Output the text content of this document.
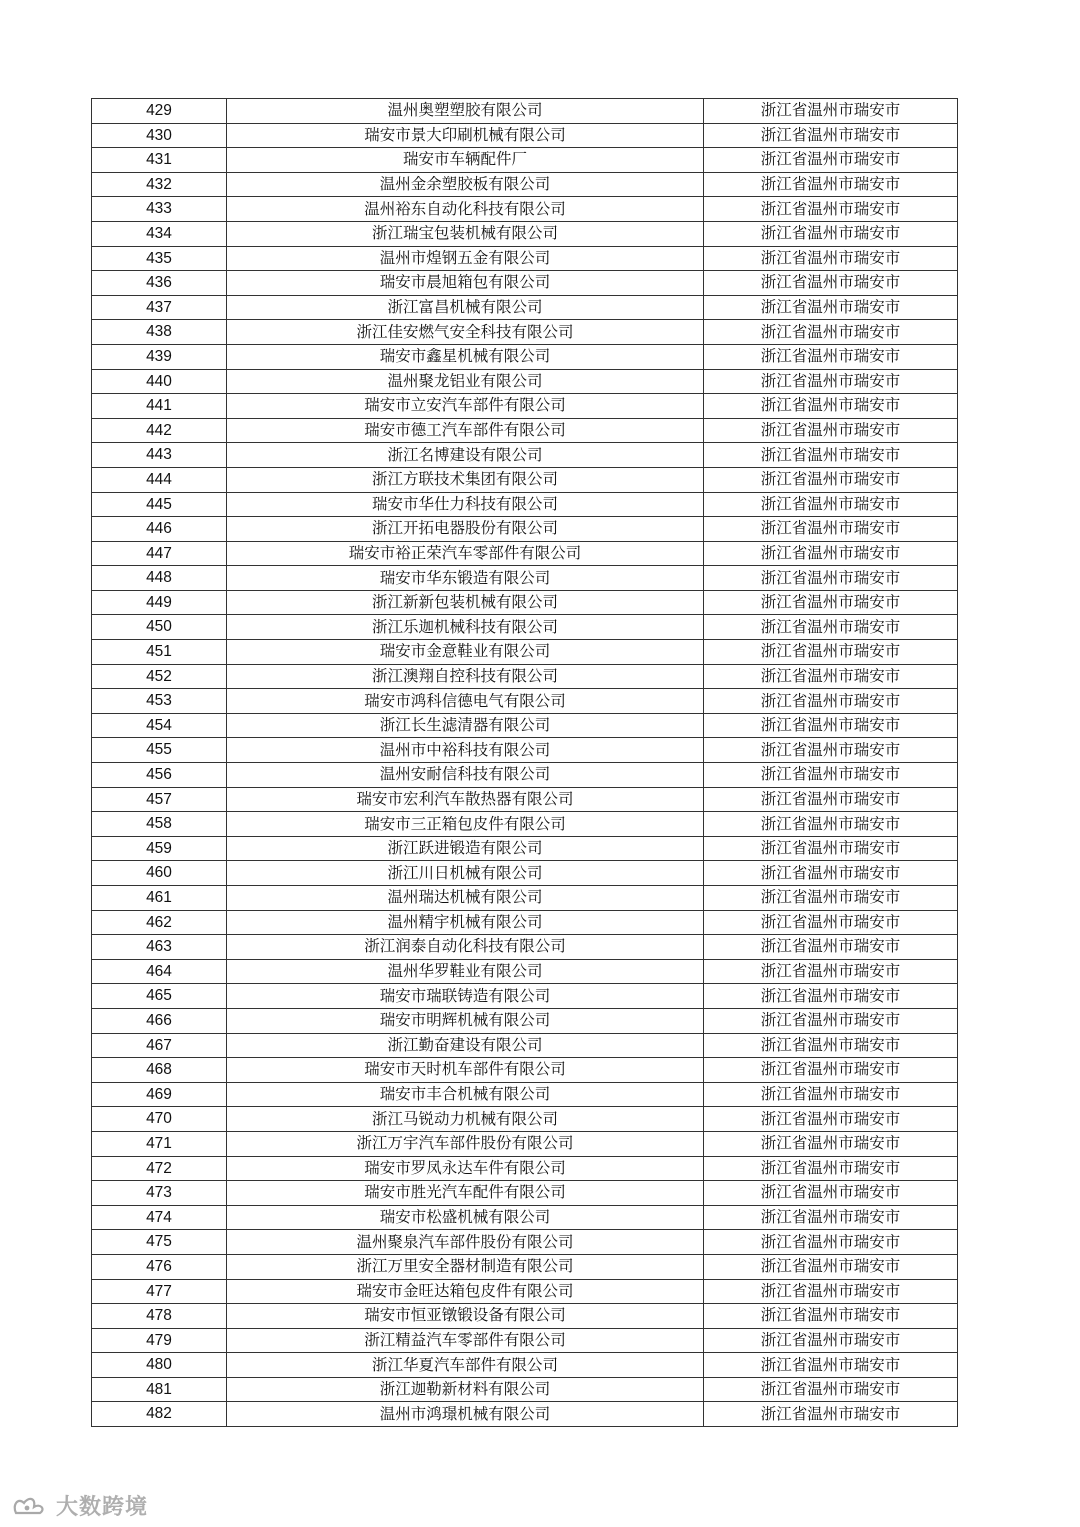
429	温州奥塑塑胶有限公司	浙江省温州市瑞安市
430	瑞安市景大印刷机械有限公司	浙江省温州市瑞安市
431	瑞安市车辆配件厂	浙江省温州市瑞安市
432	温州金余塑胶板有限公司	浙江省温州市瑞安市
433	温州裕东自动化科技有限公司	浙江省温州市瑞安市
434	浙江瑞宝包装机械有限公司	浙江省温州市瑞安市
435	温州市煌钢五金有限公司	浙江省温州市瑞安市
436	瑞安市晨旭箱包有限公司	浙江省温州市瑞安市
437	浙江富昌机械有限公司	浙江省温州市瑞安市
438	浙江佳安燃气安全科技有限公司	浙江省温州市瑞安市
439	瑞安市鑫星机械有限公司	浙江省温州市瑞安市
440	温州聚龙铝业有限公司	浙江省温州市瑞安市
441	瑞安市立安汽车部件有限公司	浙江省温州市瑞安市
442	瑞安市德工汽车部件有限公司	浙江省温州市瑞安市
443	浙江名博建设有限公司	浙江省温州市瑞安市
444	浙江方联技术集团有限公司	浙江省温州市瑞安市
445	瑞安市华仕力科技有限公司	浙江省温州市瑞安市
446	浙江开拓电器股份有限公司	浙江省温州市瑞安市
447	瑞安市裕正荣汽车零部件有限公司	浙江省温州市瑞安市
448	瑞安市华东锻造有限公司	浙江省温州市瑞安市
449	浙江新新包装机械有限公司	浙江省温州市瑞安市
450	浙江乐迦机械科技有限公司	浙江省温州市瑞安市
451	瑞安市金意鞋业有限公司	浙江省温州市瑞安市
452	浙江澳翔自控科技有限公司	浙江省温州市瑞安市
453	瑞安市鸿科信德电气有限公司	浙江省温州市瑞安市
454	浙江长生滤清器有限公司	浙江省温州市瑞安市
455	温州市中裕科技有限公司	浙江省温州市瑞安市
456	温州安耐信科技有限公司	浙江省温州市瑞安市
457	瑞安市宏利汽车散热器有限公司	浙江省温州市瑞安市
458	瑞安市三正箱包皮件有限公司	浙江省温州市瑞安市
459	浙江跃进锻造有限公司	浙江省温州市瑞安市
460	浙江川日机械有限公司	浙江省温州市瑞安市
461	温州瑞达机械有限公司	浙江省温州市瑞安市
462	温州精宇机械有限公司	浙江省温州市瑞安市
463	浙江润泰自动化科技有限公司	浙江省温州市瑞安市
464	温州华罗鞋业有限公司	浙江省温州市瑞安市
465	瑞安市瑞联铸造有限公司	浙江省温州市瑞安市
466	瑞安市明辉机械有限公司	浙江省温州市瑞安市
467	浙江勤奋建设有限公司	浙江省温州市瑞安市
468	瑞安市天时机车部件有限公司	浙江省温州市瑞安市
469	瑞安市丰合机械有限公司	浙江省温州市瑞安市
470	浙江马锐动力机械有限公司	浙江省温州市瑞安市
471	浙江万宇汽车部件股份有限公司	浙江省温州市瑞安市
472	瑞安市罗凤永达车件有限公司	浙江省温州市瑞安市
473	瑞安市胜光汽车配件有限公司	浙江省温州市瑞安市
474	瑞安市松盛机械有限公司	浙江省温州市瑞安市
475	温州聚泉汽车部件股份有限公司	浙江省温州市瑞安市
476	浙江万里安全器材制造有限公司	浙江省温州市瑞安市
477	瑞安市金旺达箱包皮件有限公司	浙江省温州市瑞安市
478	瑞安市恒亚镦锻设备有限公司	浙江省温州市瑞安市
479	浙江精益汽车零部件有限公司	浙江省温州市瑞安市
480	浙江华夏汽车部件有限公司	浙江省温州市瑞安市
481	浙江迦勒新材料有限公司	浙江省温州市瑞安市
482	温州市鸿璟机械有限公司	浙江省温州市瑞安市
大数跨境
